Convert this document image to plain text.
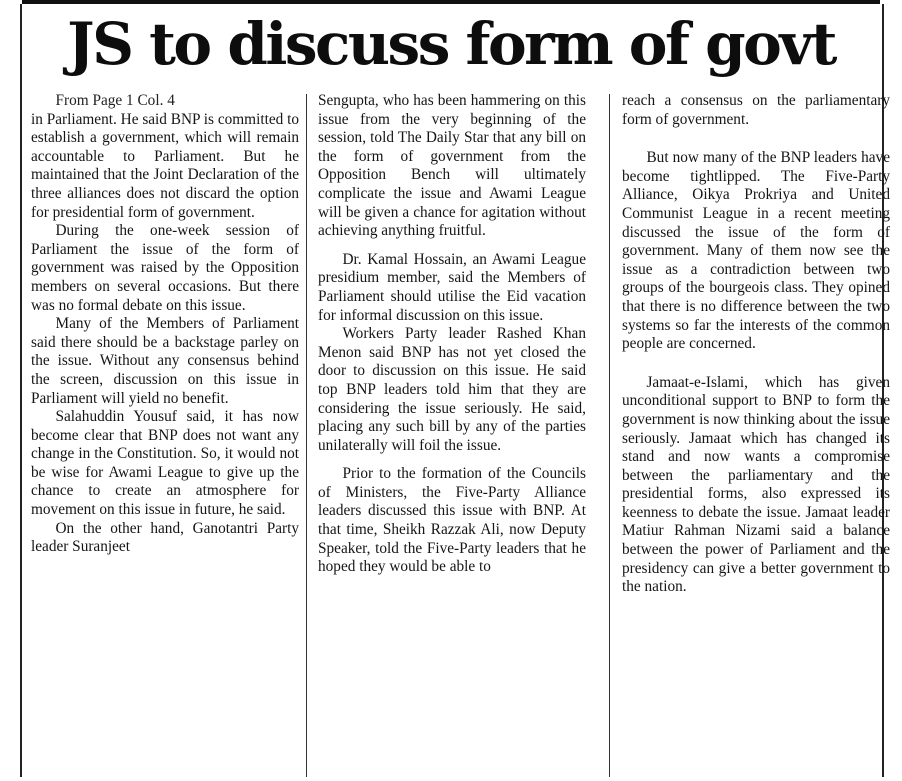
JS to discuss form of govt
From Page 1 Col. 4

in Parliament. He said BNP is committed to establish a government, which will remain accountable to Parliament. But he maintained that the Joint Declaration of the three alliances does not discard the option for presidential form of government.

During the one-week session of Parliament the issue of the form of government was raised by the Opposition members on several occasions. But there was no formal debate on this issue.

Many of the Members of Parliament said there should be a backstage parley on the issue. Without any consensus behind the screen, discussion on this issue in Parliament will yield no benefit.

Salahuddin Yousuf said, it has now become clear that BNP does not want any change in the Constitution. So, it would not be wise for Awami League to give up the chance to create an atmosphere for movement on this issue in future, he said.

On the other hand, Ganotantri Party leader Suranjeet

Sengupta, who has been hammering on this issue from the very beginning of the session, told The Daily Star that any bill on the form of government from the Opposition Bench will ultimately complicate the issue and Awami League will be given a chance for agitation without achieving anything fruitful.

Dr. Kamal Hossain, an Awami League presidium member, said the Members of Parliament should utilise the Eid vacation for informal discussion on this issue.

Workers Party leader Rashed Khan Menon said BNP has not yet closed the door to discussion on this issue. He said top BNP leaders told him that they are considering the issue seriously. He said, placing any such bill by any of the parties unilaterally will foil the issue.

Prior to the formation of the Councils of Ministers, the Five-Party Alliance leaders discussed this issue with BNP. At that time, Sheikh Razzak Ali, now Deputy Speaker, told the Five-Party leaders that he hoped they would be able to

reach a consensus on the parliamentary form of government.

But now many of the BNP leaders have become tightlipped. The Five-Party Alliance, Oikya Prokriya and United Communist League in a recent meeting discussed the issue of the form of government. Many of them now see the issue as a contradiction between two groups of the bourgeois class. They opined that there is no difference between the two systems so far the interests of the common people are concerned.

Jamaat-e-Islami, which has given unconditional support to BNP to form the government is now thinking about the issue seriously. Jamaat which has changed its stand and now wants a compromise between the parliamentary and the presidential forms, also expressed its keenness to debate the issue. Jamaat leader Matiur Rahman Nizami said a balance between the power of Parliament and the presidency can give a better government to the nation.
